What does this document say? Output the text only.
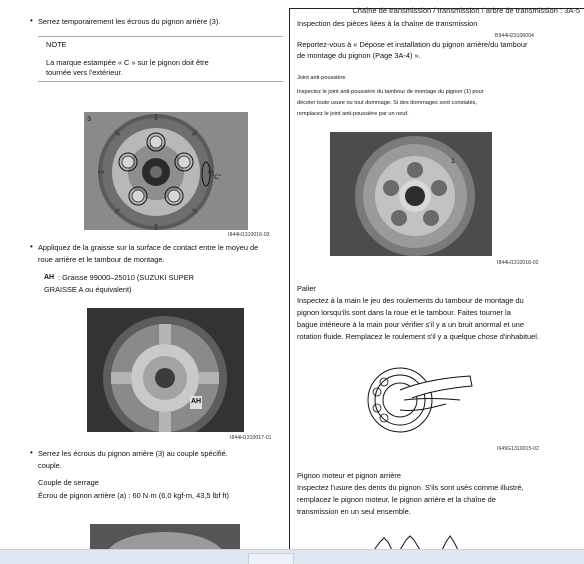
Chaîne de transmission / transmission / arbre de transmission : 3A-5
• Serrez temporairement les écrous du pignon arrière (3).
NOTE
La marque estampée « C » sur le pignon doit être
tournée vers l'extérieur.
3
"C"
I844H1310016-03
• Appliquez de la graisse sur la surface de contact entre le moyeu de
roue arrière et le tambour de montage.
AH : Graisse 99000–25010 (SUZUKI SUPER
GRAISSE A ou équivalent)
AH
I844H1310017-01
• Serrez les écrous du pignon arrière (3) au couple spécifié.
couple.
Couple de serrage
Écrou de pignon arrière (a) : 60 N·m (6,0 kgf-m, 43,5 lbf ft)
Inspection des pièces liées à la chaîne de transmission
B944H23106004
Reportez-vous à « Dépose et installation du pignon arrière/du tambour
de montage du pignon (Page 3A-4) ».
Joint anti-poussière
Inspectez le joint anti-poussière du tambour de montage du pignon (1) pour
déceler toute usure ou tout dommage. Si des dommages sont constatés,
remplacez le joint anti-poussière par un neuf.
1
I844H1310018-02
Palier
Inspectez à la main le jeu des roulements du tambour de montage du
pignon lorsqu'ils sont dans la roue et le tambour. Faites tourner la
bague intérieure à la main pour vérifier s'il y a un bruit anormal et une
rotation fluide. Remplacez le roulement s'il y a quelque chose d'inhabituel.
I649G1310015-02
Pignon moteur et pignon arrière
Inspectez l'usure des dents du pignon. S'ils sont usés comme illustré,
remplacez le pignon moteur, le pignon arrière et la chaîne de
transmission en un seul ensemble.
